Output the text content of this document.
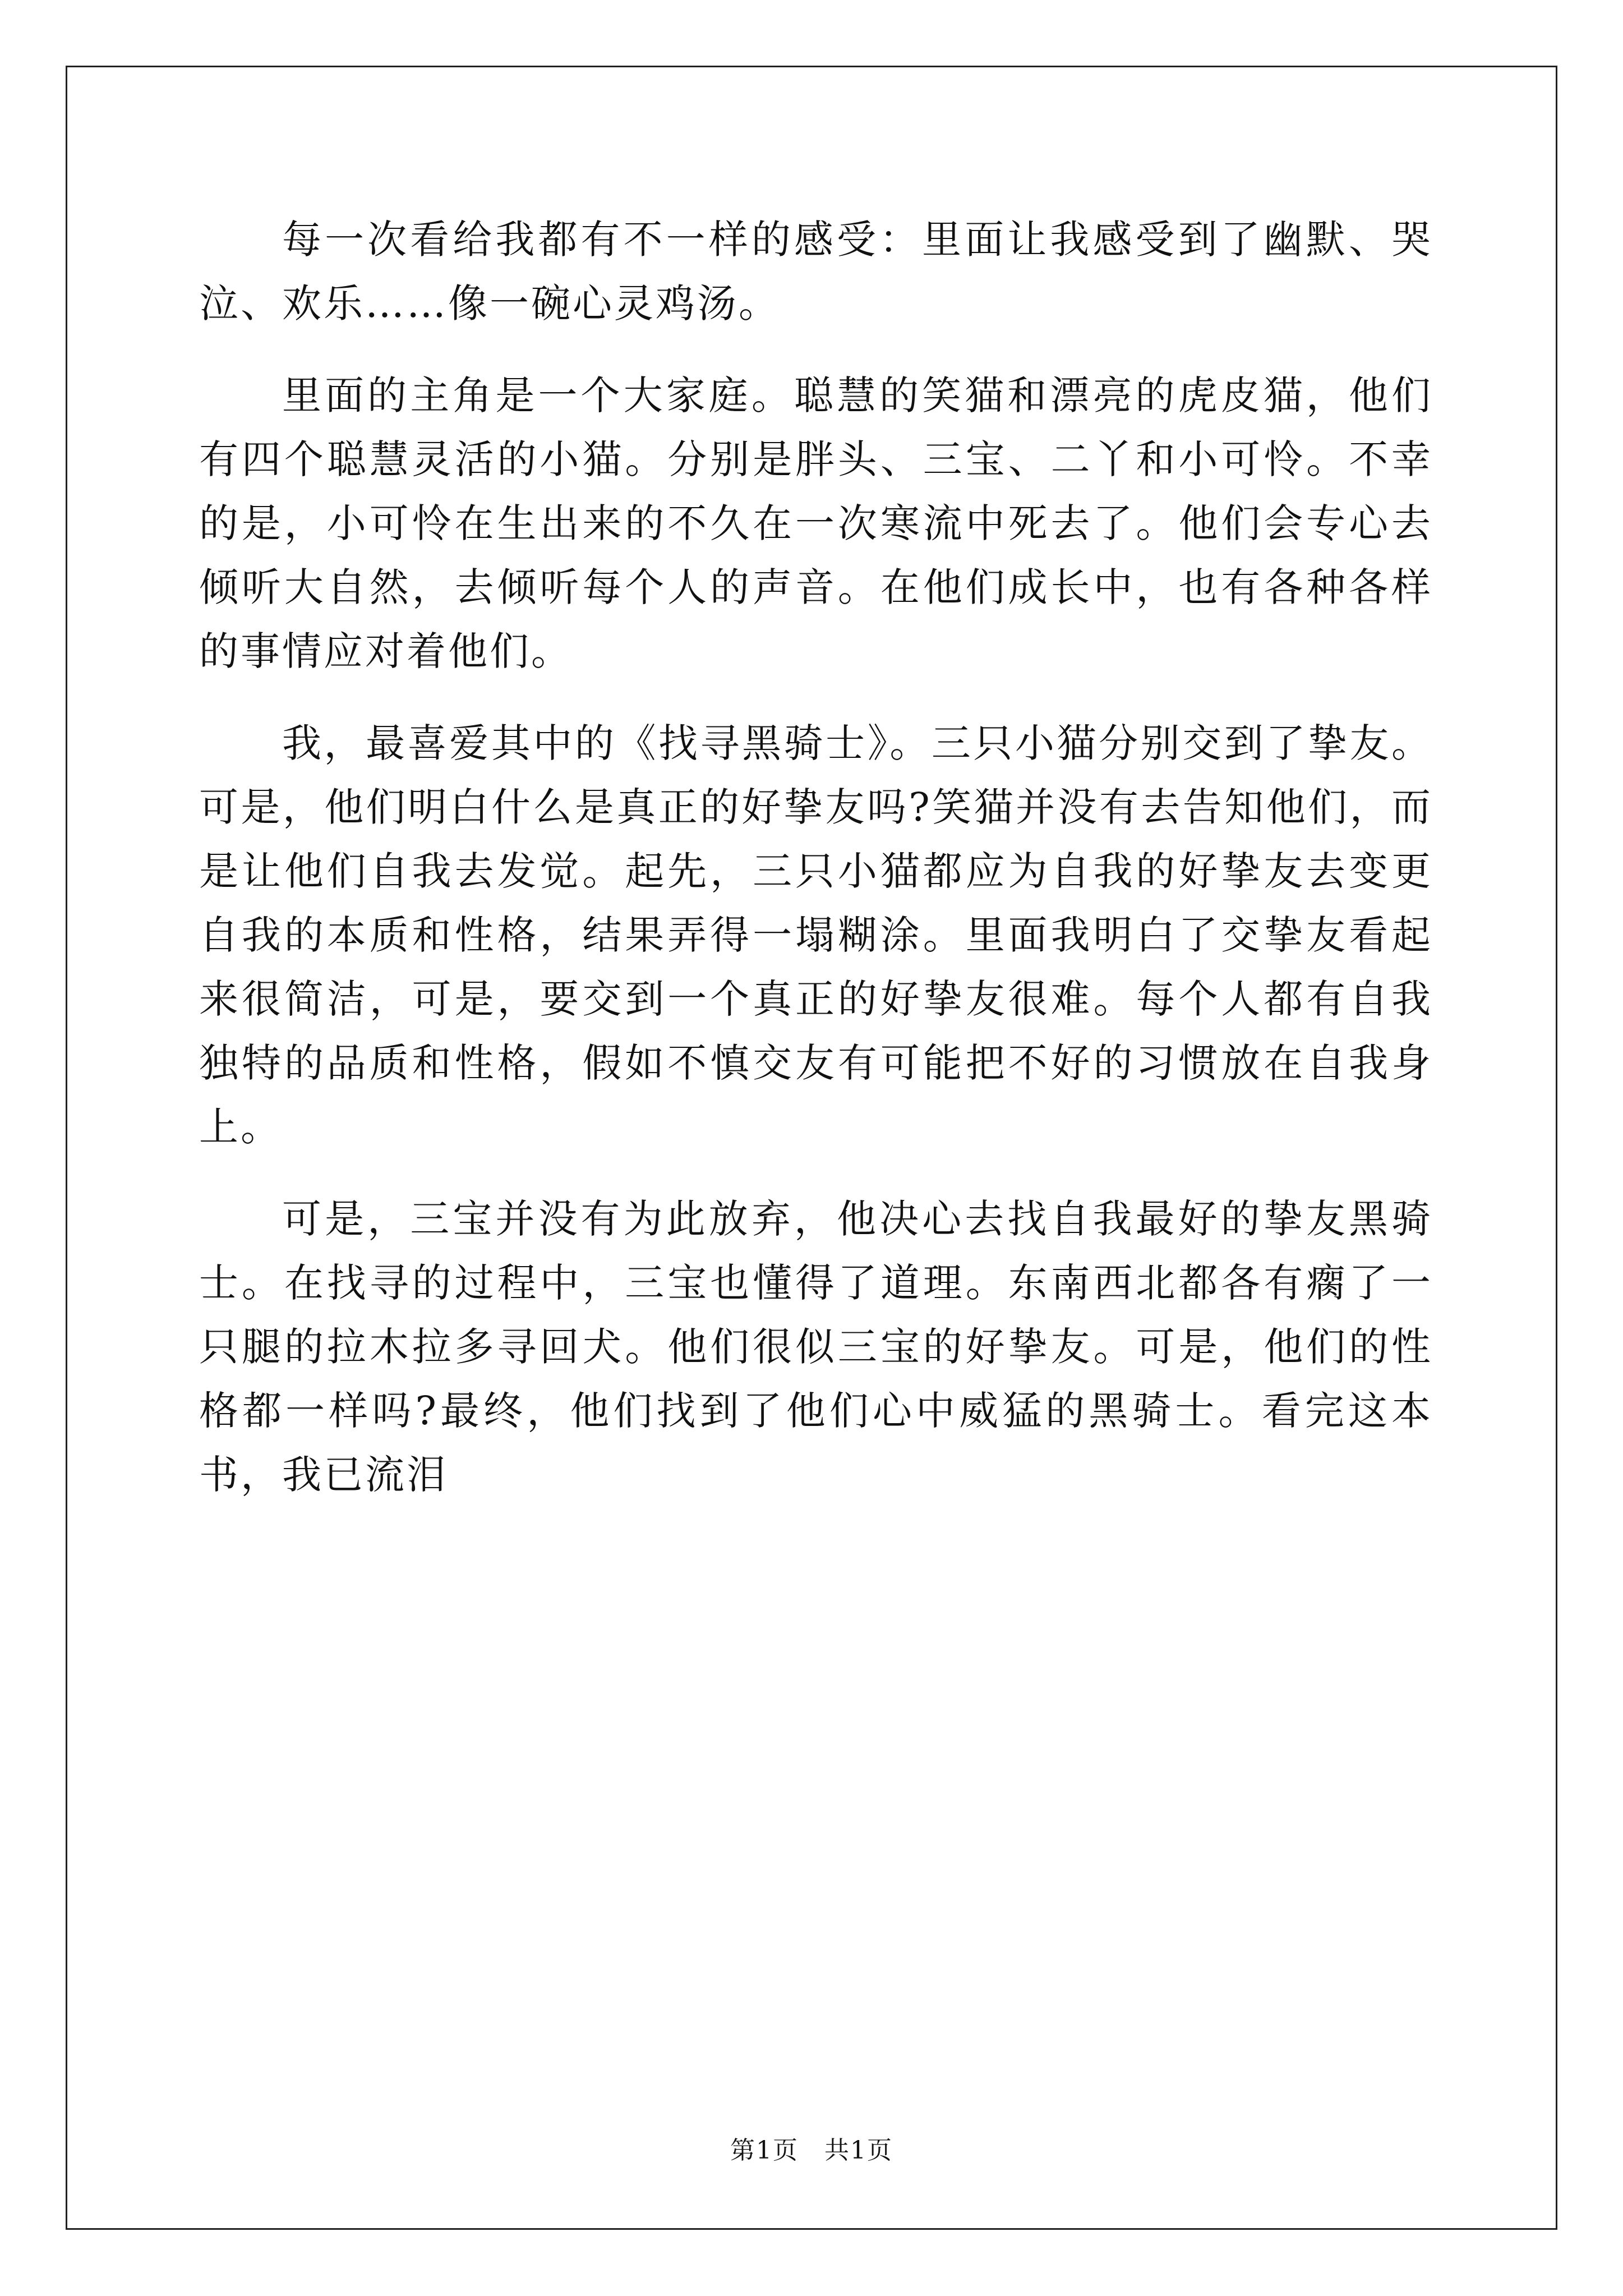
每一次看给我都有不一样的感受：里面让我感受到了幽默、哭泣、欢乐……像一碗心灵鸡汤。

里面的主角是一个大家庭。聪慧的笑猫和漂亮的虎皮猫，他们有四个聪慧灵活的小猫。分别是胖头、三宝、二丫和小可怜。不幸的是，小可怜在生出来的不久在一次寒流中死去了。他们会专心去倾听大自然，去倾听每个人的声音。在他们成长中，也有各种各样的事情应对着他们。

我，最喜爱其中的《找寻黑骑士》。三只小猫分别交到了挚友。可是，他们明白什么是真正的好挚友吗?笑猫并没有去告知他们，而是让他们自我去发觉。起先，三只小猫都应为自我的好挚友去变更自我的本质和性格，结果弄得一塌糊涂。里面我明白了交挚友看起来很简洁，可是，要交到一个真正的好挚友很难。每个人都有自我独特的品质和性格，假如不慎交友有可能把不好的习惯放在自我身上。

可是，三宝并没有为此放弃，他决心去找自我最好的挚友黑骑士。在找寻的过程中，三宝也懂得了道理。东南西北都各有瘸了一只腿的拉木拉多寻回犬。他们很似三宝的好挚友。可是，他们的性格都一样吗?最终，他们找到了他们心中威猛的黑骑士。看完这本书，我已流泪

第1页 共1页
